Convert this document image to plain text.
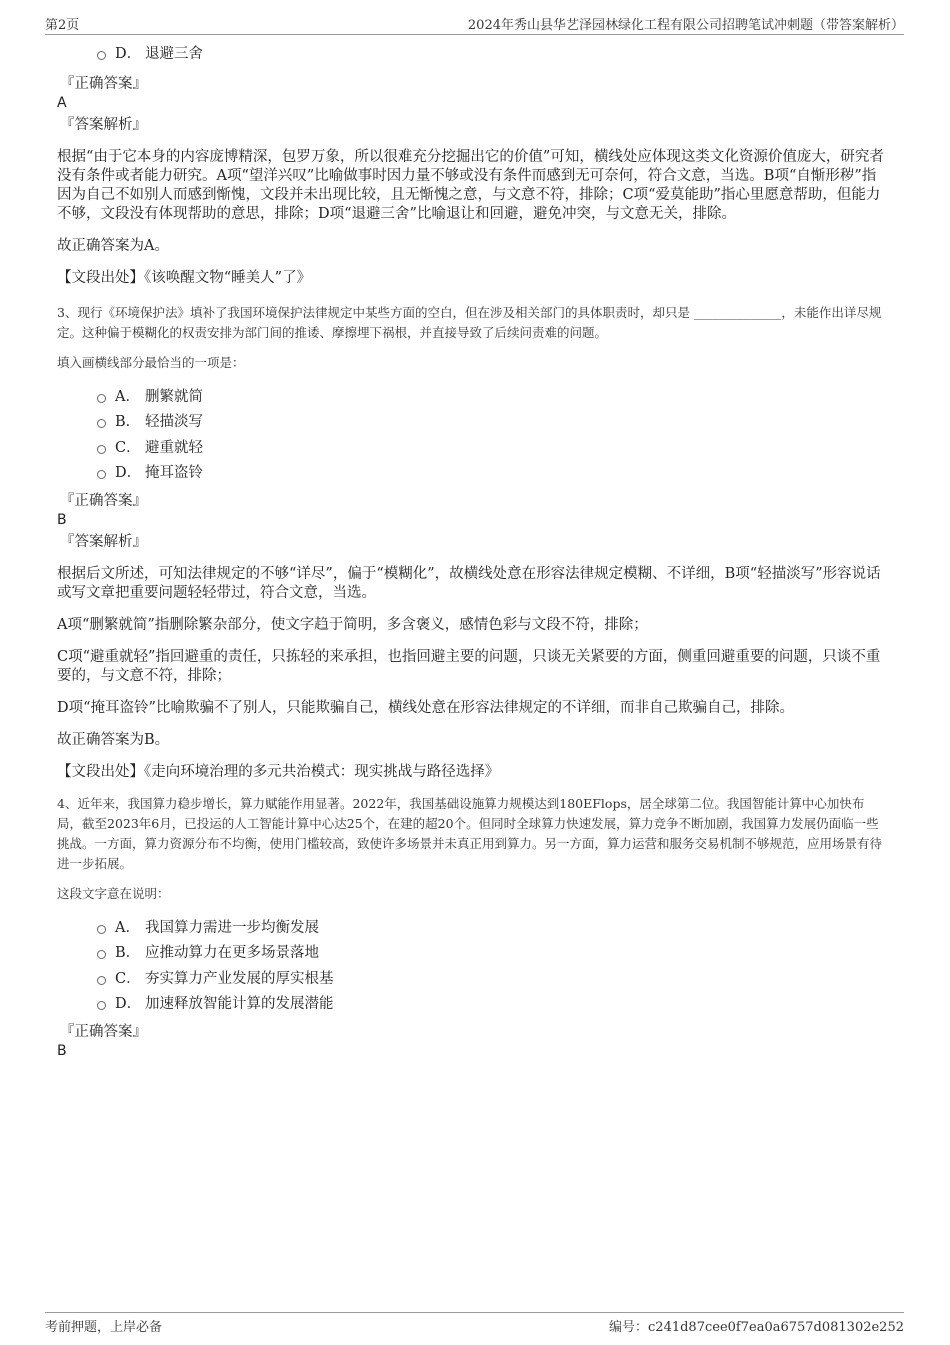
第2页	2024年秀山县华艺泽园林绿化工程有限公司招聘笔试冲刺题（带答案解析）
D． 退避三舍
『正确答案』
A
『答案解析』

根据“由于它本身的内容庞博精深，包罗万象，所以很难充分挖掘出它的价值”可知，横线处应体现这类文化资源价值庞大，研究者没有条件或者能力研究。A项“望洋兴叹”比喻做事时因力量不够或没有条件而感到无可奈何，符合文意，当选。B项“自惭形秽”指因为自己不如别人而感到惭愧，文段并未出现比较，且无惭愧之意，与文意不符，排除；C项“爱莫能助”指心里愿意帮助，但能力不够，文段没有体现帮助的意思，排除；D项“退避三舍”比喻退让和回避，避免冲突，与文意无关，排除。

故正确答案为A。

【文段出处】《该唤醒文物“睡美人”了》

3、现行《环境保护法》填补了我国环境保护法律规定中某些方面的空白，但在涉及相关部门的具体职责时，却只是 ______________，未能作出详尽规定。这种偏于模糊化的权责安排为部门间的推诿、摩擦埋下祸根，并直接导致了后续问责难的问题。

填入画横线部分最恰当的一项是：

A． 删繁就简
B． 轻描淡写
C． 避重就轻
D． 掩耳盗铃
『正确答案』
B
『答案解析』

根据后文所述，可知法律规定的不够“详尽”，偏于“模糊化”，故横线处意在形容法律规定模糊、不详细，B项“轻描淡写”形容说话或写文章把重要问题轻轻带过，符合文意，当选。

A项“删繁就简”指删除繁杂部分，使文字趋于简明，多含褒义，感情色彩与文段不符，排除；

C项“避重就轻”指回避重的责任，只拣轻的来承担，也指回避主要的问题，只谈无关紧要的方面，侧重回避重要的问题，只谈不重要的，与文意不符，排除；

D项“掩耳盗铃”比喻欺骗不了别人，只能欺骗自己，横线处意在形容法律规定的不详细，而非自己欺骗自己，排除。

故正确答案为B。

【文段出处】《走向环境治理的多元共治模式：现实挑战与路径选择》

4、近年来，我国算力稳步增长，算力赋能作用显著。2022年，我国基础设施算力规模达到180EFlops，居全球第二位。我国智能计算中心加快布局，截至2023年6月，已投运的人工智能计算中心达25个，在建的超20个。但同时全球算力快速发展，算力竞争不断加剧，我国算力发展仍面临一些挑战。一方面，算力资源分布不均衡，使用门槛较高，致使许多场景并未真正用到算力。另一方面，算力运营和服务交易机制不够规范，应用场景有待进一步拓展。

这段文字意在说明：

A． 我国算力需进一步均衡发展
B． 应推动算力在更多场景落地
C． 夯实算力产业发展的厚实根基
D． 加速释放智能计算的发展潜能
『正确答案』
B
考前押题，上岸必备	编号：c241d87cee0f7ea0a6757d081302e252
